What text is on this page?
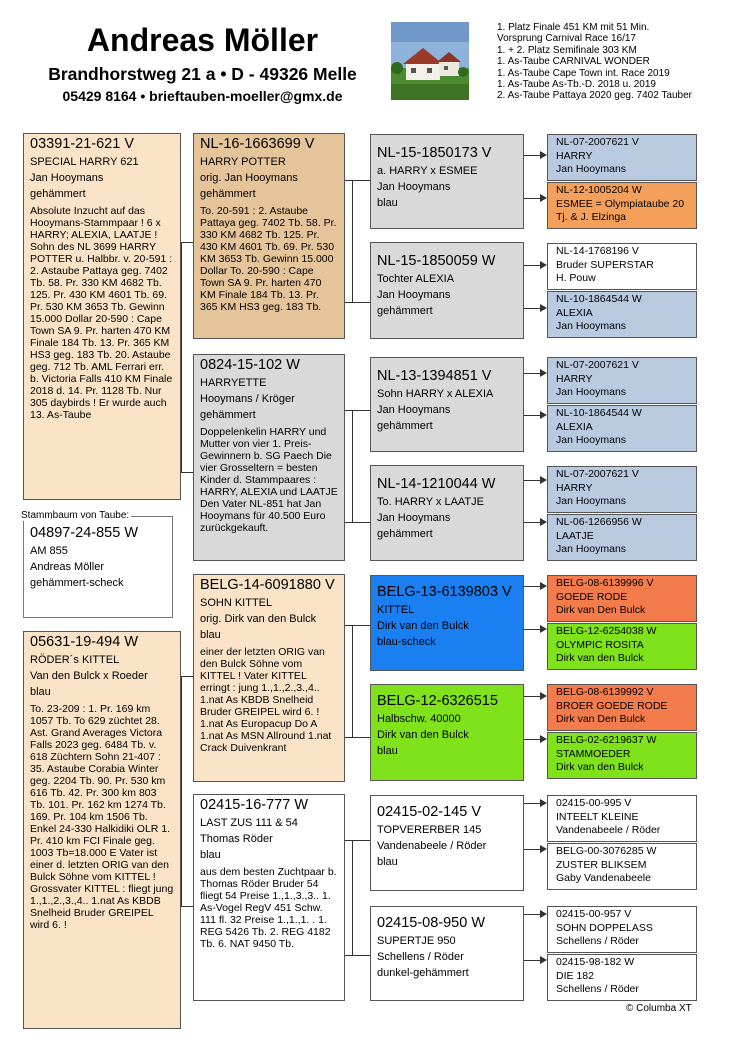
Andreas Möller
Brandhorstweg 21 a • D - 49326 Melle
05429 8164 • brieftauben-moeller@gmx.de
1. Platz Finale 451 KM mit 51 Min.
Vorsprung Carnival Race 16/17
1. + 2. Platz Semifinale 303 KM
1. As-Taube CARNIVAL WONDER
1. As-Taube Cape Town int. Race 2019
1. As-Taube As-Tb.-D. 2018 u. 2019
2. As-Taube Pattaya 2020 geg. 7402 Tauber
03391-21-621 V
SPECIAL HARRY 621
Jan Hooymans
gehämmert
Absolute Inzucht auf das Hooymans-Stammpaar ! 6 x HARRY; ALEXIA, LAATJE ! Sohn des NL 3699 HARRY POTTER u. Halbbr. v. 20-591 : 2. Astaube Pattaya geg. 7402 Tb. 58. Pr. 330 KM 4682 Tb. 125. Pr. 430 KM 4601 Tb. 69. Pr. 530 KM 3653 Tb. Gewinn 15.000 Dollar 20-590 : Cape Town SA 9. Pr. harten 470 KM Finale 184 Tb. 13. Pr. 365 KM HS3 geg. 183 Tb. 20. Astaube geg. 712 Tb. AML Ferrari err. b. Victoria Falls 410 KM Finale 2018 d. 14. Pr. 1128 Tb. Nur 305 daybirds ! Er wurde auch 13. As-Taube
04897-24-855 W
AM 855
Andreas Möller
gehämmert-scheck
Stammbaum von Taube:
05631-19-494 W
RÖDER´s KITTEL
Van den Bulck x Roeder
blau
To. 23-209 : 1. Pr. 169 km 1057 Tb. To 629 züchtet 28. Ast. Grand Averages Victora Falls 2023 geg. 6484 Tb. v. 618 Züchtern Sohn 21-407 : 35. Astaube Corabia Winter geg. 2204 Tb. 90. Pr. 530 km 616 Tb. 42. Pr. 300 km 803 Tb. 101. Pr. 162 km 1274 Tb. 169. Pr. 104 km 1506 Tb. Enkel 24-330 Halkidiki OLR 1. Pr. 410 km FCI Finale geg. 1003 Tb=18.000 E Vater ist einer d. letzten ORIG van den Bulck Söhne vom KITTEL ! Grossvater KITTEL : fliegt jung 1.,1.,2.,3.,4.. 1.nat As KBDB Snelheid Bruder GREIPEL wird 6. !
NL-16-1663699 V
HARRY POTTER
orig. Jan Hooymans
gehämmert
To. 20-591 : 2. Astaube Pattaya geg. 7402 Tb. 58. Pr. 330 KM 4682 Tb. 125. Pr. 430 KM 4601 Tb. 69. Pr. 530 KM 3653 Tb. Gewinn 15.000 Dollar To. 20-590 : Cape Town SA 9. Pr. harten 470 KM Finale 184 Tb. 13. Pr. 365 KM HS3 geg. 183 Tb.
0824-15-102 W
HARRYETTE
Hooymans / Kröger
gehämmert
Doppelenkelin HARRY und Mutter von vier 1. Preis-Gewinnern b. SG Paech Die vier Grosseltern = besten Kinder d. Stammpaares : HARRY, ALEXIA und LAATJE Den Vater NL-851 hat Jan Hooymans für 40.500 Euro zurückgekauft.
BELG-14-6091880 V
SOHN KITTEL
orig. Dirk van den Bulck
blau
einer der letzten ORIG van den Bulck Söhne vom KITTEL ! Vater KITTEL erringt : jung 1.,1.,2.,3.,4.. 1.nat As KBDB Snelheid Bruder GREIPEL wird 6. ! 1.nat As Europacup Do A 1.nat As MSN Allround 1.nat Crack Duivenkrant
02415-16-777 W
LAST ZUS 111 & 54
Thomas Röder
blau
aus dem besten Zuchtpaar b. Thomas Röder Bruder 54 fliegt 54 Preise 1.,1.,3.,3.. 1. As-Vogel RegV 451 Schw. 111 fl. 32 Preise 1.,1.,1. . 1. REG 5426 Tb. 2. REG 4182 Tb. 6. NAT 9450 Tb.
NL-15-1850173 V
a. HARRY x ESMEE
Jan Hooymans
blau
NL-15-1850059 W
Tochter ALEXIA
Jan Hooymans
gehämmert
NL-13-1394851 V
Sohn HARRY x ALEXIA
Jan Hooymans
gehämmert
NL-14-1210044 W
To. HARRY x LAATJE
Jan Hooymans
gehämmert
BELG-13-6139803 V
KITTEL
Dirk van den Bulck
blau-scheck
BELG-12-6326515
Halbschw. 40000
Dirk van den Bulck
blau
02415-02-145 V
TOPVERERBER 145
Vandenabeele / Röder
blau
02415-08-950 W
SUPERTJE 950
Schellens / Röder
dunkel-gehämmert
NL-07-2007621 V
HARRY
Jan Hooymans
NL-12-1005204 W
ESMEE = Olympiataube 20
Tj. & J. Elzinga
NL-14-1768196 V
Bruder SUPERSTAR
H. Pouw
NL-10-1864544 W
ALEXIA
Jan Hooymans
NL-07-2007621 V
HARRY
Jan Hooymans
NL-10-1864544 W
ALEXIA
Jan Hooymans
NL-07-2007621 V
HARRY
Jan Hooymans
NL-06-1266956 W
LAATJE
Jan Hooymans
BELG-08-6139996 V
GOEDE RODE
Dirk van Den Bulck
BELG-12-6254038 W
OLYMPIC ROSITA
Dirk van den Bulck
BELG-08-6139992 V
BROER GOEDE RODE
Dirk van Den Bulck
BELG-02-6219637 W
STAMMOEDER
Dirk van den Bulck
02415-00-995 V
INTEELT KLEINE
Vandenabeele / Röder
BELG-00-3076285 W
ZUSTER BLIKSEM
Gaby Vandenabeele
02415-00-957 V
SOHN DOPPELASS
Schellens / Röder
02415-98-182 W
DIE 182
Schellens / Röder
© Columba XT
